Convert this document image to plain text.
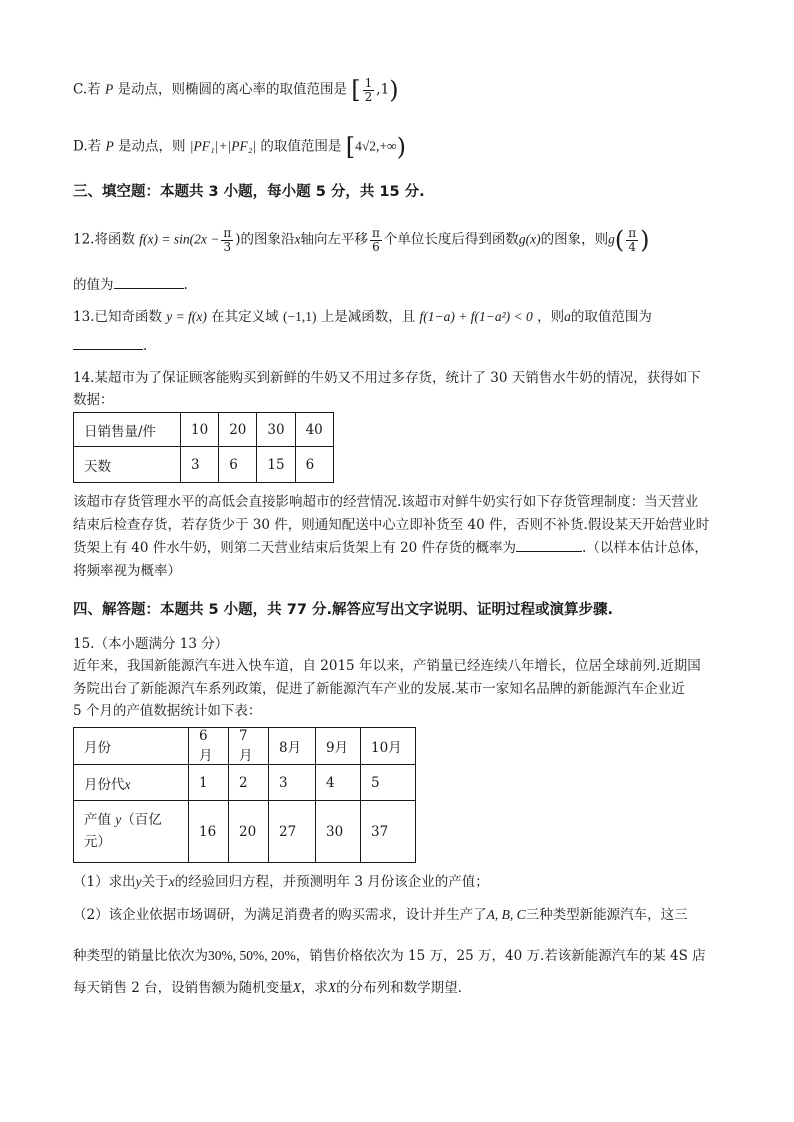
C.若 P 是动点，则椭圆的离心率的取值范围是 [ $\frac{1}{2} ,1$)
D.若 P 是动点，则 |PF₁|+|PF₂| 的取值范围是 [4√2,+∞)
三、填空题：本题共 3 小题，每小题 5 分，共 15 分.
12.将函数 $f(x) = \sin(2x - \frac{\pi}{3}$ )的图象沿x轴向左平移 $\frac{\pi}{6}$ 个单位长度后得到函数g(x)的图象，则$g( \frac{\pi}{4}$ )
的值为	.
13.已知奇函数 y = f(x) 在其定义域 (−1,1) 上是减函数，且 f(1−a) + f(1−a²) < 0 ，则a的取值范围为
.
14.某超市为了保证顾客能购买到新鲜的牛奶又不用过多存货，统计了 30 天销售水牛奶的情况，获得如下
数据：
日销售量/件	10	20	30	40
天数	3	6	15	6
该超市存货管理水平的高低会直接影响超市的经营情况.该超市对鲜牛奶实行如下存货管理制度：当天营业
结束后检查存货，若存货少于 30 件，则通知配送中心立即补货至 40 件，否则不补货.假设某天开始营业时
货架上有 40 件水牛奶，则第二天营业结束后货架上有 20 件存货的概率为	.（以样本估计总体，
将频率视为概率）
四、解答题：本题共 5 小题，共 77 分.解答应写出文字说明、证明过程或演算步骤.
15.（本小题满分 13 分）
近年来，我国新能源汽车进入快车道，自 2015 年以来，产销量已经连续八年增长，位居全球前列.近期国
务院出台了新能源汽车系列政策，促进了新能源汽车产业的发展.某市一家知名品牌的新能源汽车企业近
5 个月的产值数据统计如下表：
月份	6月	7月	8月	9月	10月
月份代x	1	2	3	4	5
产值 y（百亿
元）	16	20	27	30	37
（1）求出y关于x的经验回归方程，并预测明年 3 月份该企业的产值；
（2）该企业依据市场调研，为满足消费者的购买需求，设计并生产了A, B, C三种类型新能源汽车，这三
种类型的销量比依次为30%, 50%, 20%，销售价格依次为 15 万，25 万，40 万.若该新能源汽车的某 4S 店
每天销售 2 台，设销售额为随机变量X，求X的分布列和数学期望.
